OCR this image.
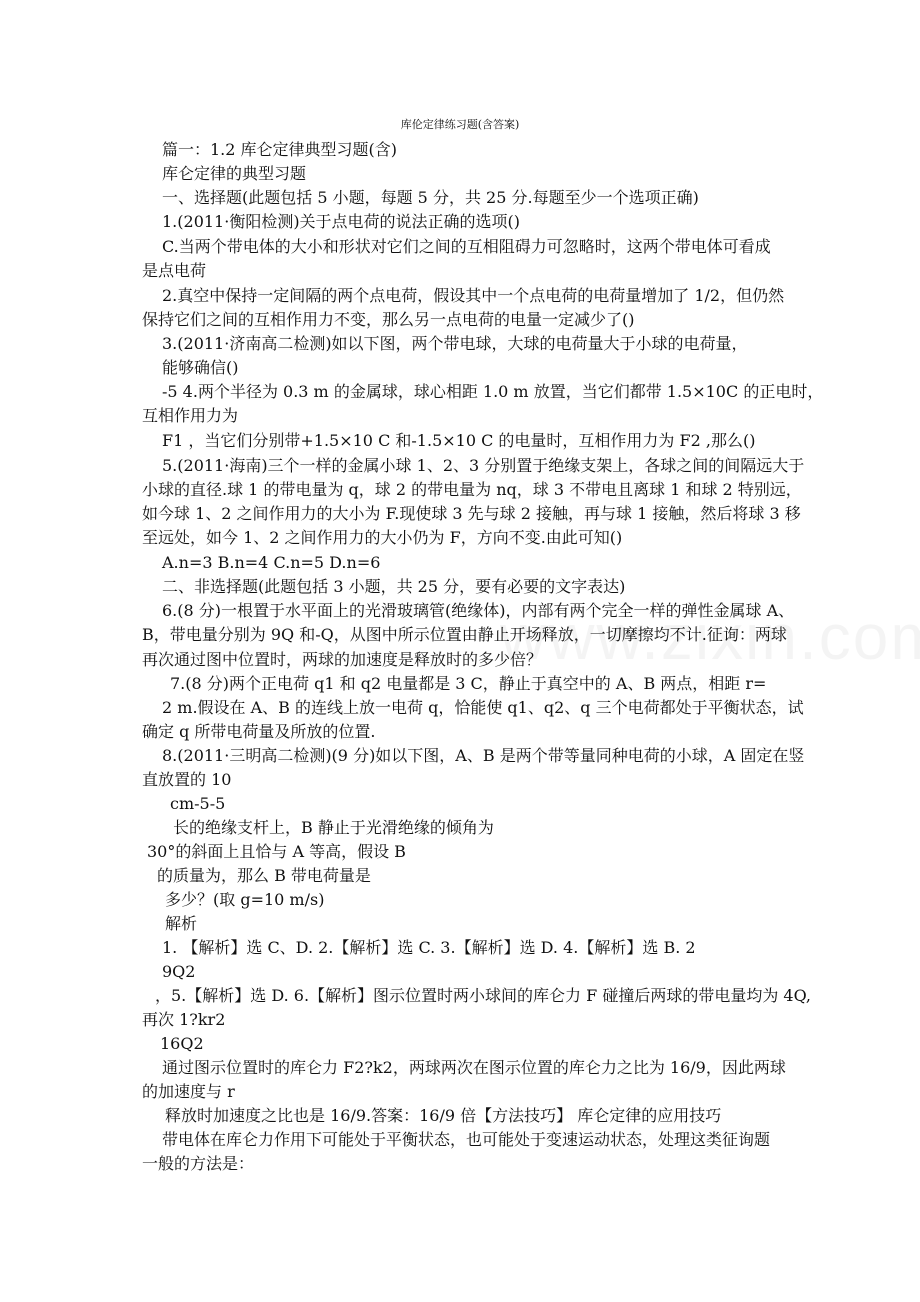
库伦定律练习题(含答案)
篇一：1.2 库仑定律典型习题(含)
库仑定律的典型习题
一、选择题(此题包括 5 小题，每题 5 分，共 25 分.每题至少一个选项正确)
1.(2011·衡阳检测)关于点电荷的说法正确的选项()
C.当两个带电体的大小和形状对它们之间的互相阻碍力可忽略时，这两个带电体可看成
是点电荷
2.真空中保持一定间隔的两个点电荷，假设其中一个点电荷的电荷量增加了 1/2，但仍然
保持它们之间的互相作用力不变，那么另一点电荷的电量一定减少了()
3.(2011·济南高二检测)如以下图，两个带电球，大球的电荷量大于小球的电荷量，
能够确信()
-5 4.两个半径为 0.3 m 的金属球，球心相距 1.0 m 放置，当它们都带 1.5×10C 的正电时，
互相作用力为
F1 ，当它们分别带+1.5×10 C 和-1.5×10 C 的电量时，互相作用力为 F2 ,那么()
5.(2011·海南)三个一样的金属小球 1、2、3 分别置于绝缘支架上，各球之间的间隔远大于
小球的直径.球 1 的带电量为 q，球 2 的带电量为 nq，球 3 不带电且离球 1 和球 2 特别远，
如今球 1、2 之间作用力的大小为 F.现使球 3 先与球 2 接触，再与球 1 接触，然后将球 3 移
至远处，如今 1、2 之间作用力的大小仍为 F，方向不变.由此可知()
A.n=3 B.n=4 C.n=5 D.n=6
二、非选择题(此题包括 3 小题，共 25 分，要有必要的文字表达)
6.(8 分)一根置于水平面上的光滑玻璃管(绝缘体)，内部有两个完全一样的弹性金属球 A、
B，带电量分别为 9Q 和-Q，从图中所示位置由静止开场释放，一切摩擦均不计.征询：两球
再次通过图中位置时，两球的加速度是释放时的多少倍？
7.(8 分)两个正电荷 q1 和 q2 电量都是 3 C，静止于真空中的 A、B 两点，相距 r=
2 m.假设在 A、B 的连线上放一电荷 q，恰能使 q1、q2、q 三个电荷都处于平衡状态，试
确定 q 所带电荷量及所放的位置.
8.(2011·三明高二检测)(9 分)如以下图，A、B 是两个带等量同种电荷的小球，A 固定在竖
直放置的 10
cm-5-5
长的绝缘支杆上，B 静止于光滑绝缘的倾角为
30°的斜面上且恰与 A 等高，假设 B
的质量为，那么 B 带电荷量是
多少？(取 g=10 m/s)
解析
1. 【解析】选 C、D. 2.【解析】选 C. 3.【解析】选 D. 4.【解析】选 B. 2
9Q2
，5.【解析】选 D. 6.【解析】图示位置时两小球间的库仑力 F 碰撞后两球的带电量均为 4Q,
再次 1?kr2
16Q2
通过图示位置时的库仑力 F2?k2，两球两次在图示位置的库仑力之比为 16/9，因此两球
的加速度与 r
释放时加速度之比也是 16/9.答案：16/9 倍【方法技巧】 库仑定律的应用技巧
带电体在库仑力作用下可能处于平衡状态，也可能处于变速运动状态，处理这类征询题
一般的方法是：
